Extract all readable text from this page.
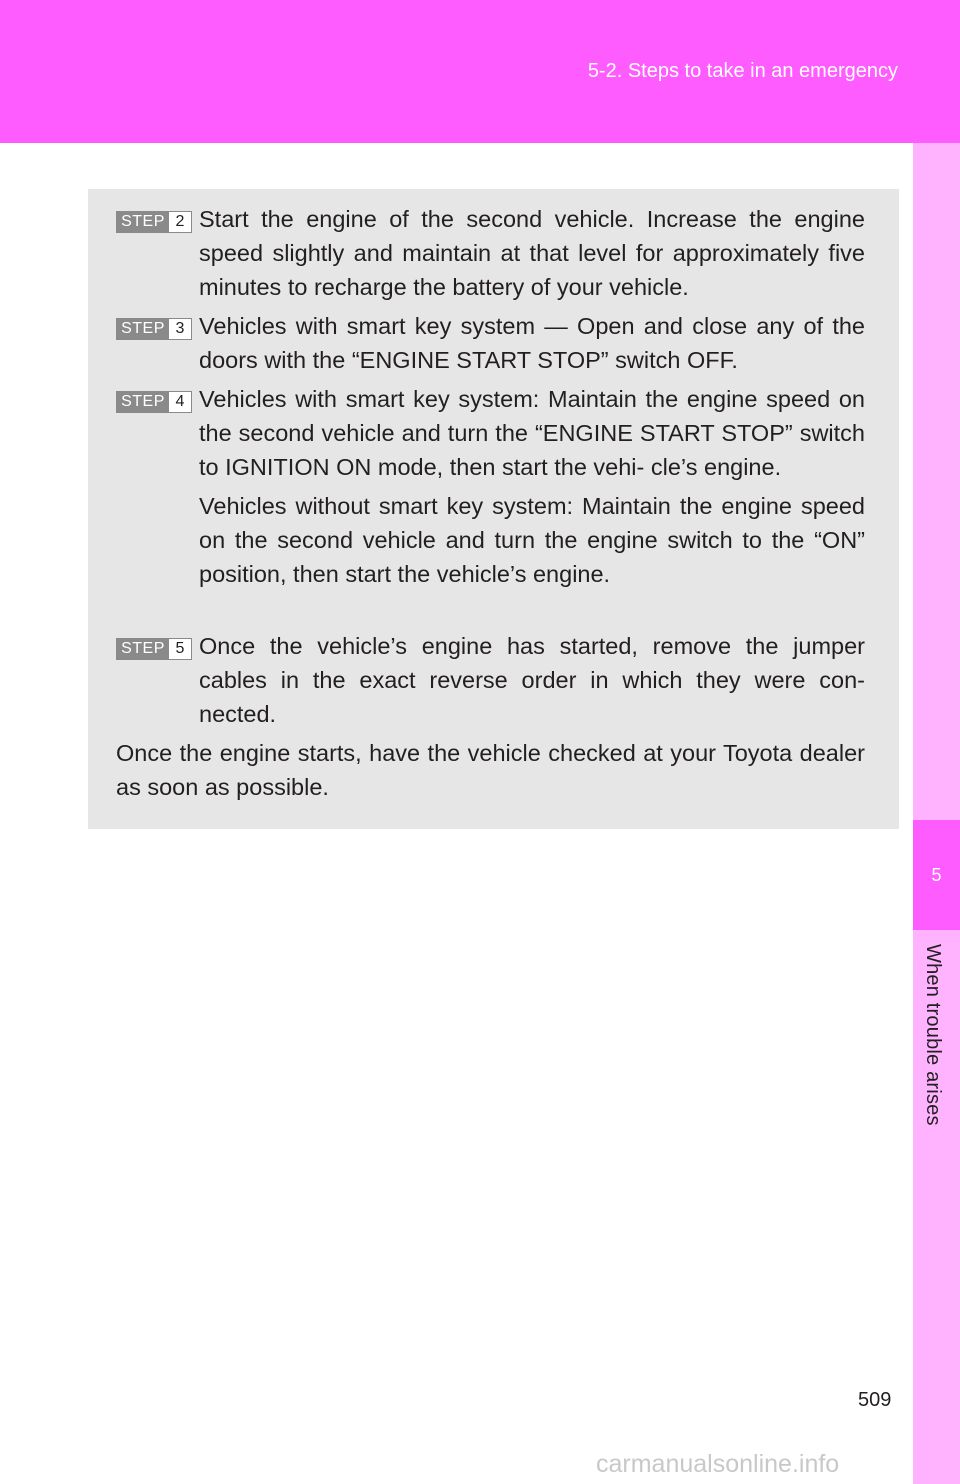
5-2. Steps to take in an emergency
5
When trouble arises
STEP 2 Start the engine of the second vehicle. Increase the engine speed slightly and maintain at that level for approximately five minutes to recharge the battery of your vehicle.

STEP 3 Vehicles with smart key system — Open and close any of the doors with the “ENGINE START STOP” switch OFF.

STEP 4 Vehicles with smart key system: Maintain the engine speed on the second vehicle and turn the “ENGINE START STOP” switch to IGNITION ON mode, then start the vehi- cle’s engine.

Vehicles without smart key system: Maintain the engine speed on the second vehicle and turn the engine switch to the “ON” position, then start the vehicle’s engine.

STEP 5 Once the vehicle’s engine has started, remove the jumper cables in the exact reverse order in which they were con- nected.

Once the engine starts, have the vehicle checked at your Toyota dealer as soon as possible.
509
carmanualsonline.info
